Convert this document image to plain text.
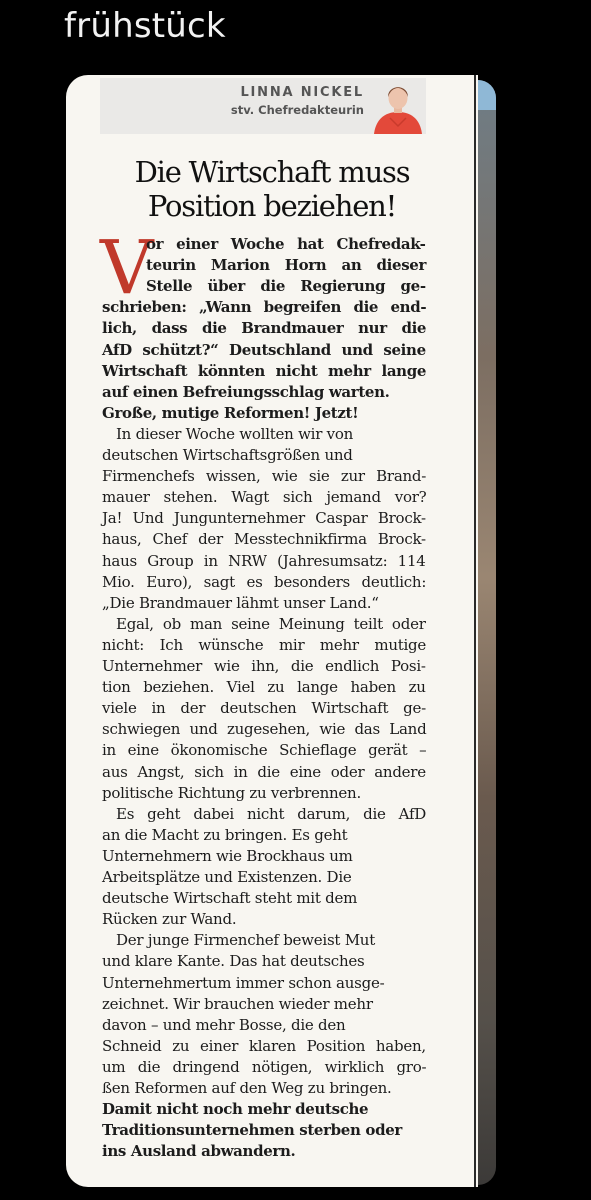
frühstück
LINNA NICKEL
stv. Chefredakteurin
Die Wirtschaft muss
Position beziehen!
V
or einer Woche hat Chefredak-
teurin Marion Horn an dieser
Stelle über die Regierung ge-
schrieben: „Wann begreifen die end-
lich, dass die Brandmauer nur die
AfD schützt?“ Deutschland und seine
Wirtschaft könnten nicht mehr lange
auf einen Befreiungsschlag warten.
Große, mutige Reformen! Jetzt!
In dieser Woche wollten wir von
deutschen Wirtschaftsgrößen und
Firmenchefs wissen, wie sie zur Brand-
mauer stehen. Wagt sich jemand vor?
Ja! Und Jungunternehmer Caspar Brock-
haus, Chef der Messtechnikfirma Brock-
haus Group in NRW (Jahresumsatz: 114
Mio. Euro), sagt es besonders deutlich:
„Die Brandmauer lähmt unser Land.“
Egal, ob man seine Meinung teilt oder
nicht: Ich wünsche mir mehr mutige
Unternehmer wie ihn, die endlich Posi-
tion beziehen. Viel zu lange haben zu
viele in der deutschen Wirtschaft ge-
schwiegen und zugesehen, wie das Land
in eine ökonomische Schieflage gerät –
aus Angst, sich in die eine oder andere
politische Richtung zu verbrennen.
Es geht dabei nicht darum, die AfD
an die Macht zu bringen. Es geht
Unternehmern wie Brockhaus um
Arbeitsplätze und Existenzen. Die
deutsche Wirtschaft steht mit dem
Rücken zur Wand.
Der junge Firmenchef beweist Mut
und klare Kante. Das hat deutsches
Unternehmertum immer schon ausge-
zeichnet. Wir brauchen wieder mehr
davon – und mehr Bosse, die den
Schneid zu einer klaren Position haben,
um die dringend nötigen, wirklich gro-
ßen Reformen auf den Weg zu bringen.
Damit nicht noch mehr deutsche
Traditionsunternehmen sterben oder
ins Ausland abwandern.
